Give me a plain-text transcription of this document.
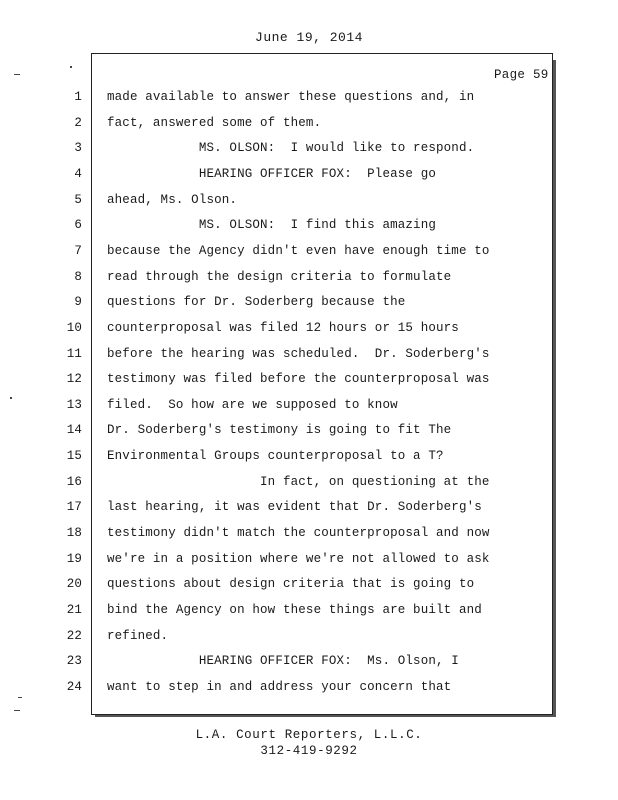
June 19, 2014
Page 59
1 made available to answer these questions and, in
2 fact, answered some of them.
3 MS. OLSON:  I would like to respond.
4 HEARING OFFICER FOX:  Please go
5 ahead, Ms. Olson.
6 MS. OLSON:  I find this amazing
7 because the Agency didn't even have enough time to
8 read through the design criteria to formulate
9 questions for Dr. Soderberg because the
10 counterproposal was filed 12 hours or 15 hours
11 before the hearing was scheduled.  Dr. Soderberg's
12 testimony was filed before the counterproposal was
13 filed.  So how are we supposed to know
14 Dr. Soderberg's testimony is going to fit The
15 Environmental Groups counterproposal to a T?
16 In fact, on questioning at the
17 last hearing, it was evident that Dr. Soderberg's
18 testimony didn't match the counterproposal and now
19 we're in a position where we're not allowed to ask
20 questions about design criteria that is going to
21 bind the Agency on how these things are built and
22 refined.
23 HEARING OFFICER FOX:  Ms. Olson, I
24 want to step in and address your concern that
L.A. Court Reporters, L.L.C.
312-419-9292
